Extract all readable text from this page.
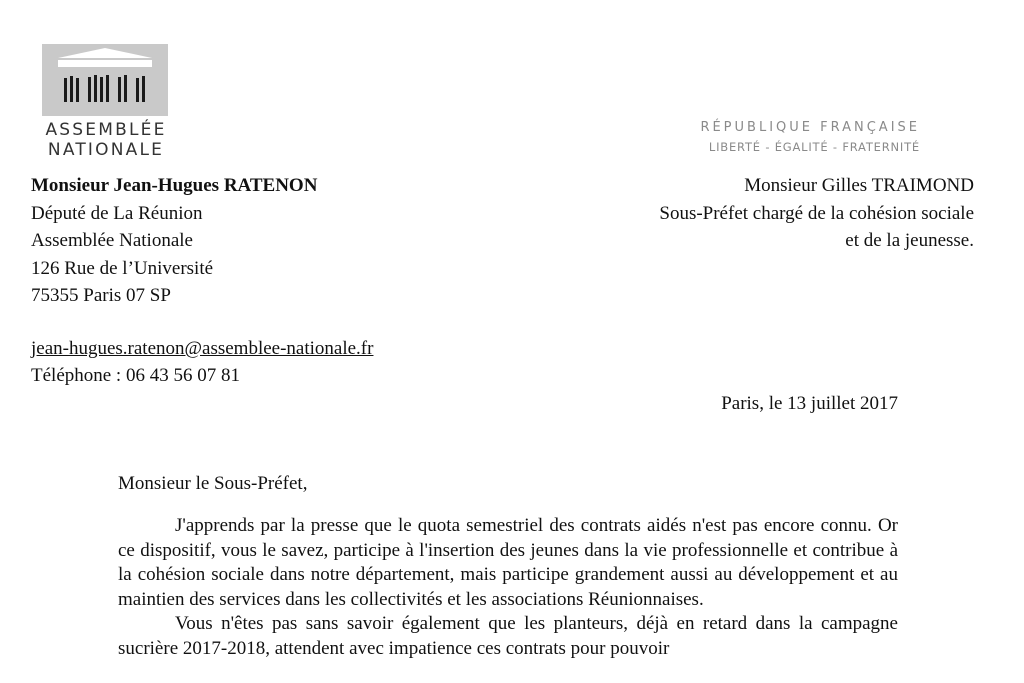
ASSEMBLÉE
NATIONALE
RÉPUBLIQUE FRANÇAISE
LIBERTÉ - ÉGALITÉ - FRATERNITÉ
Monsieur Jean-Hugues RATENON
Député de La Réunion
Assemblée Nationale
126 Rue de l’Université
75355 Paris 07 SP
jean-hugues.ratenon@assemblee-nationale.fr
Téléphone : 06 43 56 07 81
Monsieur Gilles TRAIMOND
Sous-Préfet chargé de la cohésion sociale
et de la jeunesse.
Paris, le 13 juillet 2017
Monsieur le Sous-Préfet,

J'apprends par la presse que le quota semestriel des contrats aidés n'est pas encore connu. Or ce dispositif, vous le savez, participe à l'insertion des jeunes dans la vie professionnelle et contribue à la cohésion sociale dans notre département, mais participe grandement aussi au développement et au maintien des services dans les collectivités et les associations Réunionnaises.

Vous n'êtes pas sans savoir également que les planteurs, déjà en retard dans la campagne sucrière 2017-2018, attendent avec impatience ces contrats pour pouvoir
